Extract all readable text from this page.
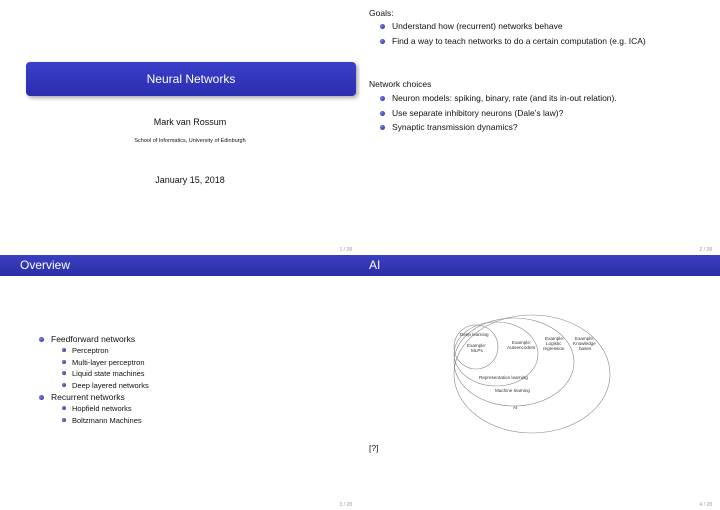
Neural Networks
Mark van Rossum
School of Informatics, University of Edinburgh
January 15, 2018
1 / 28
Goals:
Understand how (recurrent) networks behave
Find a way to teach networks to do a certain computation (e.g. ICA)
Network choices
Neuron models: spiking, binary, rate (and its in-out relation).
Use separate inhibitory neurons (Dale’s law)?
Synaptic transmission dynamics?
2 / 28
Overview
Feedforward networks
Perceptron
Multi-layer perceptron
Liquid state machines
Deep layered networks
Recurrent networks
Hopfield networks
Boltzmann Machines
3 / 28
AI
Deep learning
Example:
MLPs
Example:
Autoencoders
Example:
Logistic
regression
Example:
Knowledge
bases
Representation learning
Machine learning
AI
[?]
4 / 28
